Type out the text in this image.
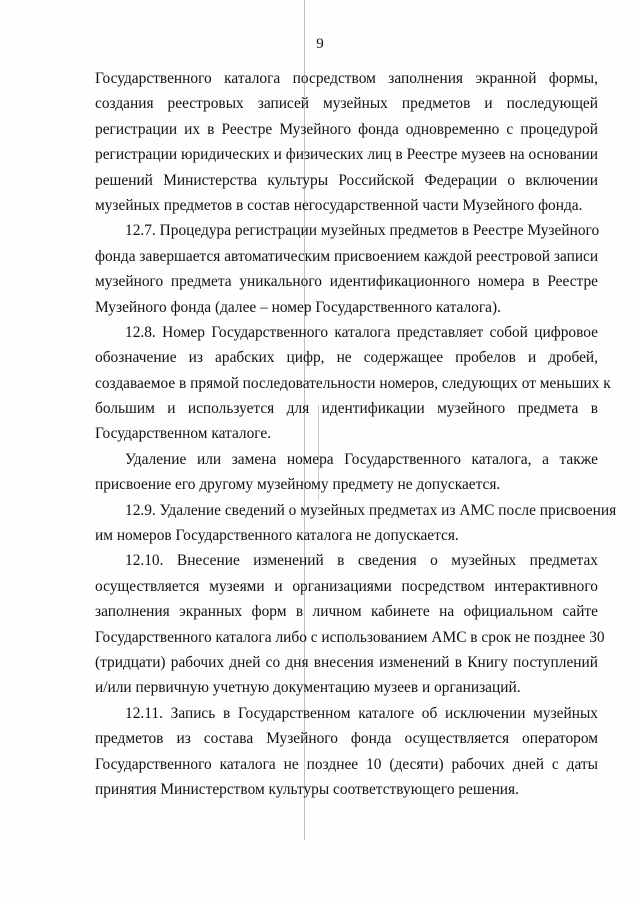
9
Государственного каталога посредством заполнения экранной формы,
создания реестровых записей музейных предметов и последующей
регистрации их в Реестре Музейного фонда одновременно с процедурой
регистрации юридических и физических лиц в Реестре музеев на основании
решений Министерства культуры Российской Федерации о включении
музейных предметов в состав негосударственной части Музейного фонда.
12.7. Процедура регистрации музейных предметов в Реестре Музейного
фонда завершается автоматическим присвоением каждой реестровой записи
музейного предмета уникального идентификационного номера в Реестре
Музейного фонда (далее – номер Государственного каталога).
12.8. Номер Государственного каталога представляет собой цифровое
обозначение из арабских цифр, не содержащее пробелов и дробей,
создаваемое в прямой последовательности номеров, следующих от меньших к
большим и используется для идентификации музейного предмета в
Государственном каталоге.
Удаление или замена номера Государственного каталога, а также
присвоение его другому музейному предмету не допускается.
12.9. Удаление сведений о музейных предметах из АМС после присвоения
им номеров Государственного каталога не допускается.
12.10. Внесение изменений в сведения о музейных предметах
осуществляется музеями и организациями посредством интерактивного
заполнения экранных форм в личном кабинете на официальном сайте
Государственного каталога либо с использованием АМС в срок не позднее 30
(тридцати) рабочих дней со дня внесения изменений в Книгу поступлений
и/или первичную учетную документацию музеев и организаций.
12.11. Запись в Государственном каталоге об исключении музейных
предметов из состава Музейного фонда осуществляется оператором
Государственного каталога не позднее 10 (десяти) рабочих дней с даты
принятия Министерством культуры соответствующего решения.
